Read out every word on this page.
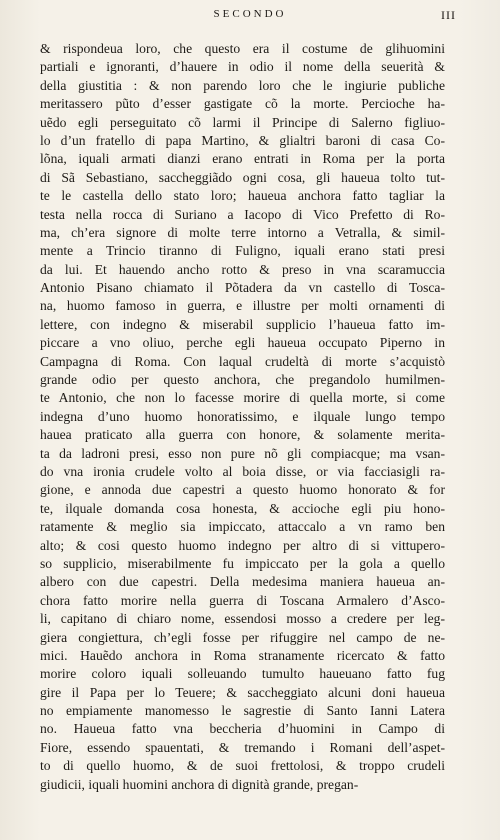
SECONDO	III
& rispondeua loro, che questo era il costume de glihuomini
partiali e ignoranti, d’hauere in odio il nome della seuerità &
della giustitia : & non parendo loro che le ingiurie publiche
meritassero pũto d’esser gastigate cõ la morte. Percioche ha-
uẽdo egli perseguitato cõ larmi il Principe di Salerno figliuo-
lo d’un fratello di papa Martino, & glialtri baroni di casa Co-
lõna, iquali armati dianzi erano entrati in Roma per la porta
di Sã Sebastiano, saccheggiãdo ogni cosa, gli haueua tolto tut-
te le castella dello stato loro; haueua anchora fatto tagliar la
testa nella rocca di Suriano a Iacopo di Vico Prefetto di Ro-
ma, ch’era signore di molte terre intorno a Vetralla, & simil-
mente a Trincio tiranno di Fuligno, iquali erano stati presi
da lui. Et hauendo ancho rotto & preso in vna scaramuccia
Antonio Pisano chiamato il Põtadera da vn castello di Toscа-
na, huomo famoso in guerra, e illustre per molti ornamenti di
lettere, con indegno & miserabil supplicio l’haueua fatto im-
piccare a vno oliuo, perche egli haueua occupato Piperno in
Campagna di Roma. Con laqual crudeltà di morte s’acquistò
grande odio per questo anchora, che pregandolo humilmen-
te Antonio, che non lo facesse morire di quella morte, si come
indegna d’uno huomo honoratissimo, e ilquale lungo tempo
hauea praticato alla guerra con honore, & solamente merita-
ta da ladroni presi, esso non pure nõ gli compiacque; ma vsan-
do vna ironia crudele volto al boia disse, or via facciasigli ra-
gione, e annoda due capestri a questo huomo honorato & for
te, ilquale domanda cosa honesta, & accioche egli piu hono-
ratamente & meglio sia impiccato, attaccalo a vn ramo ben
alto; & cosi questo huomo indegno per altro di si vittupero-
so supplicio, miserabilmente fu impiccato per la gola a quello
albero con due capestri. Della medesima maniera haueua an-
chora fatto morire nella guerra di Toscana Armalero d’Asco-
li, capitano di chiaro nome, essendosi mosso a credere per leg-
giera congiettura, ch’egli fosse per rifuggire nel campo de ne-
mici. Hauẽdo anchora in Roma stranamente ricercato & fatto
morire coloro iquali solleuando tumulto haueuano fatto fug
gire il Papa per lo Teuere; & saccheggiato alcuni doni haueua
no empiamente manomesso le sagrestie di Santo Ianni Latera
no. Haueua fatto vna beccheria d’huomini in Campo di
Fiore, essendo spauentati, & tremando i Romani dell’aspet-
to di quello huomo, & de suoi frettolosi, & troppo crudeli
giudicii, iquali huomini anchora di dignità grande, pregan-
